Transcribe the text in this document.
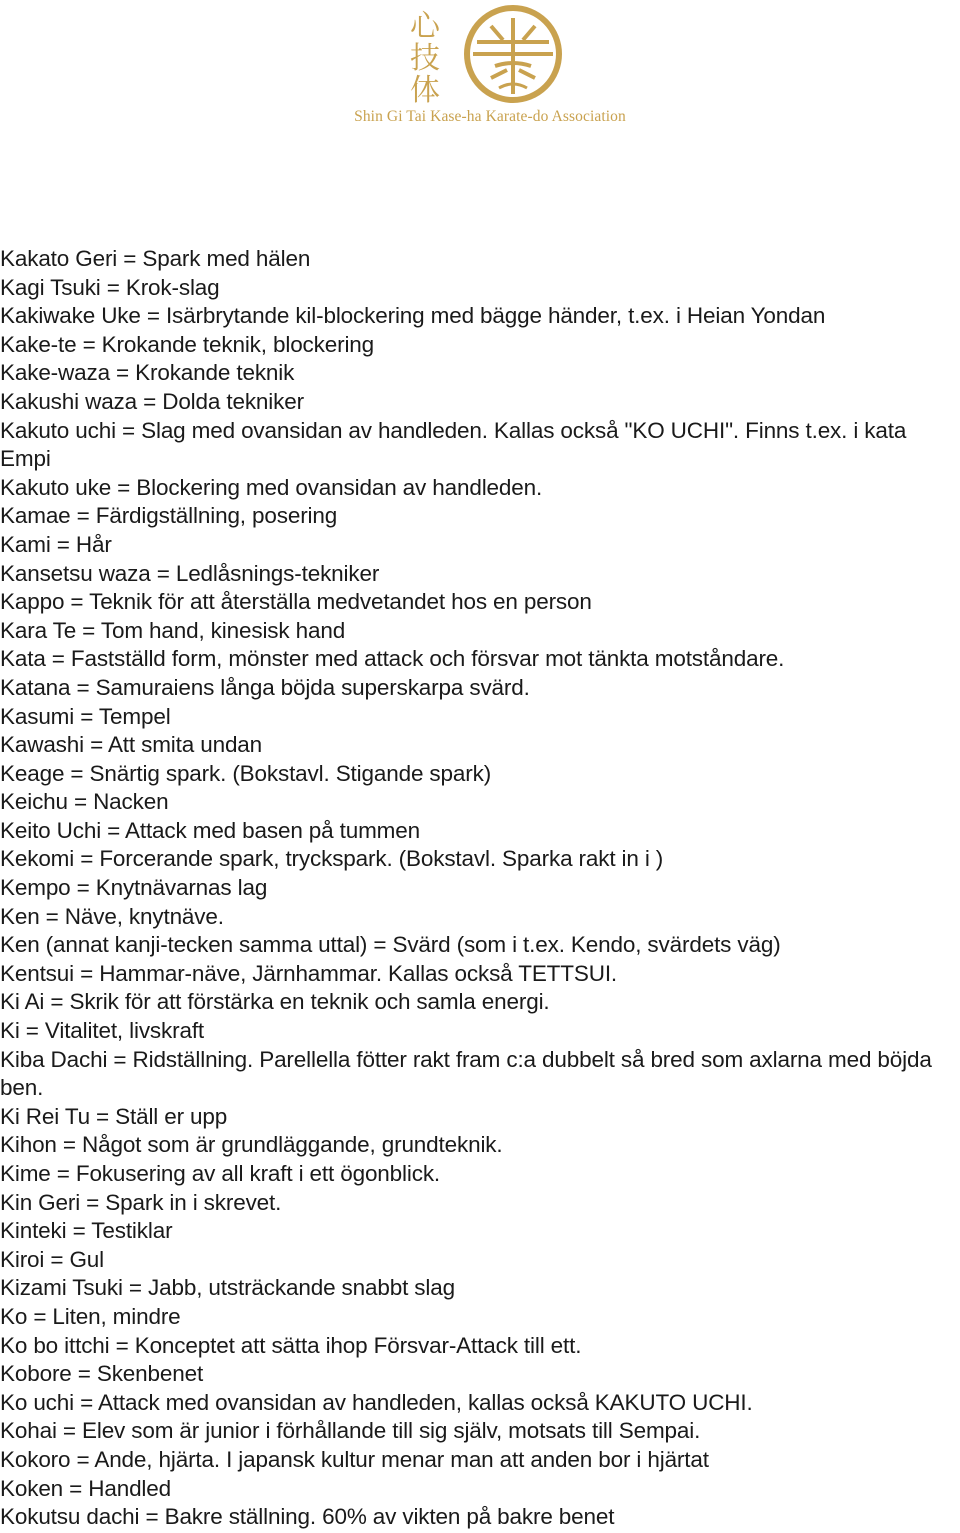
心
技
体
Shin Gi Tai Kase-ha Karate-do Association
Kakato Geri = Spark med hälen
Kagi Tsuki = Krok-slag
Kakiwake Uke = Isärbrytande kil-blockering med bägge händer, t.ex. i Heian Yondan
Kake-te = Krokande teknik, blockering
Kake-waza = Krokande teknik
Kakushi waza = Dolda tekniker
Kakuto uchi = Slag med ovansidan av handleden. Kallas också "KO UCHI". Finns t.ex. i kata Empi
Kakuto uke = Blockering med ovansidan av handleden.
Kamae = Färdigställning, posering
Kami = Hår
Kansetsu waza = Ledlåsnings-tekniker
Kappo = Teknik för att återställa medvetandet hos en person
Kara Te = Tom hand, kinesisk hand
Kata = Fastställd form, mönster med attack och försvar mot tänkta motståndare.
Katana = Samuraiens långa böjda superskarpa svärd.
Kasumi = Tempel
Kawashi = Att smita undan
Keage = Snärtig spark. (Bokstavl. Stigande spark)
Keichu = Nacken
Keito Uchi = Attack med basen på tummen
Kekomi = Forcerande spark, tryckspark. (Bokstavl. Sparka rakt in i )
Kempo = Knytnävarnas lag
Ken = Näve, knytnäve.
Ken (annat kanji-tecken samma uttal) = Svärd (som i t.ex. Kendo, svärdets väg)
Kentsui = Hammar-näve, Järnhammar. Kallas också TETTSUI.
Ki Ai = Skrik för att förstärka en teknik och samla energi.
Ki = Vitalitet, livskraft
Kiba Dachi = Ridställning. Parellella fötter rakt fram c:a dubbelt så bred som axlarna med böjda ben.
Ki Rei Tu = Ställ er upp
Kihon = Något som är grundläggande, grundteknik.
Kime = Fokusering av all kraft i ett ögonblick.
Kin Geri = Spark in i skrevet.
Kinteki = Testiklar
Kiroi = Gul
Kizami Tsuki = Jabb, utsträckande snabbt slag
Ko = Liten, mindre
Ko bo ittchi = Konceptet att sätta ihop Försvar-Attack till ett.
Kobore = Skenbenet
Ko uchi = Attack med ovansidan av handleden, kallas också KAKUTO UCHI.
Kohai = Elev som är junior i förhållande till sig själv, motsats till Sempai.
Kokoro = Ande, hjärta. I japansk kultur menar man att anden bor i hjärtat
Koken = Handled
Kokutsu dachi = Bakre ställning. 60% av vikten på bakre benet
